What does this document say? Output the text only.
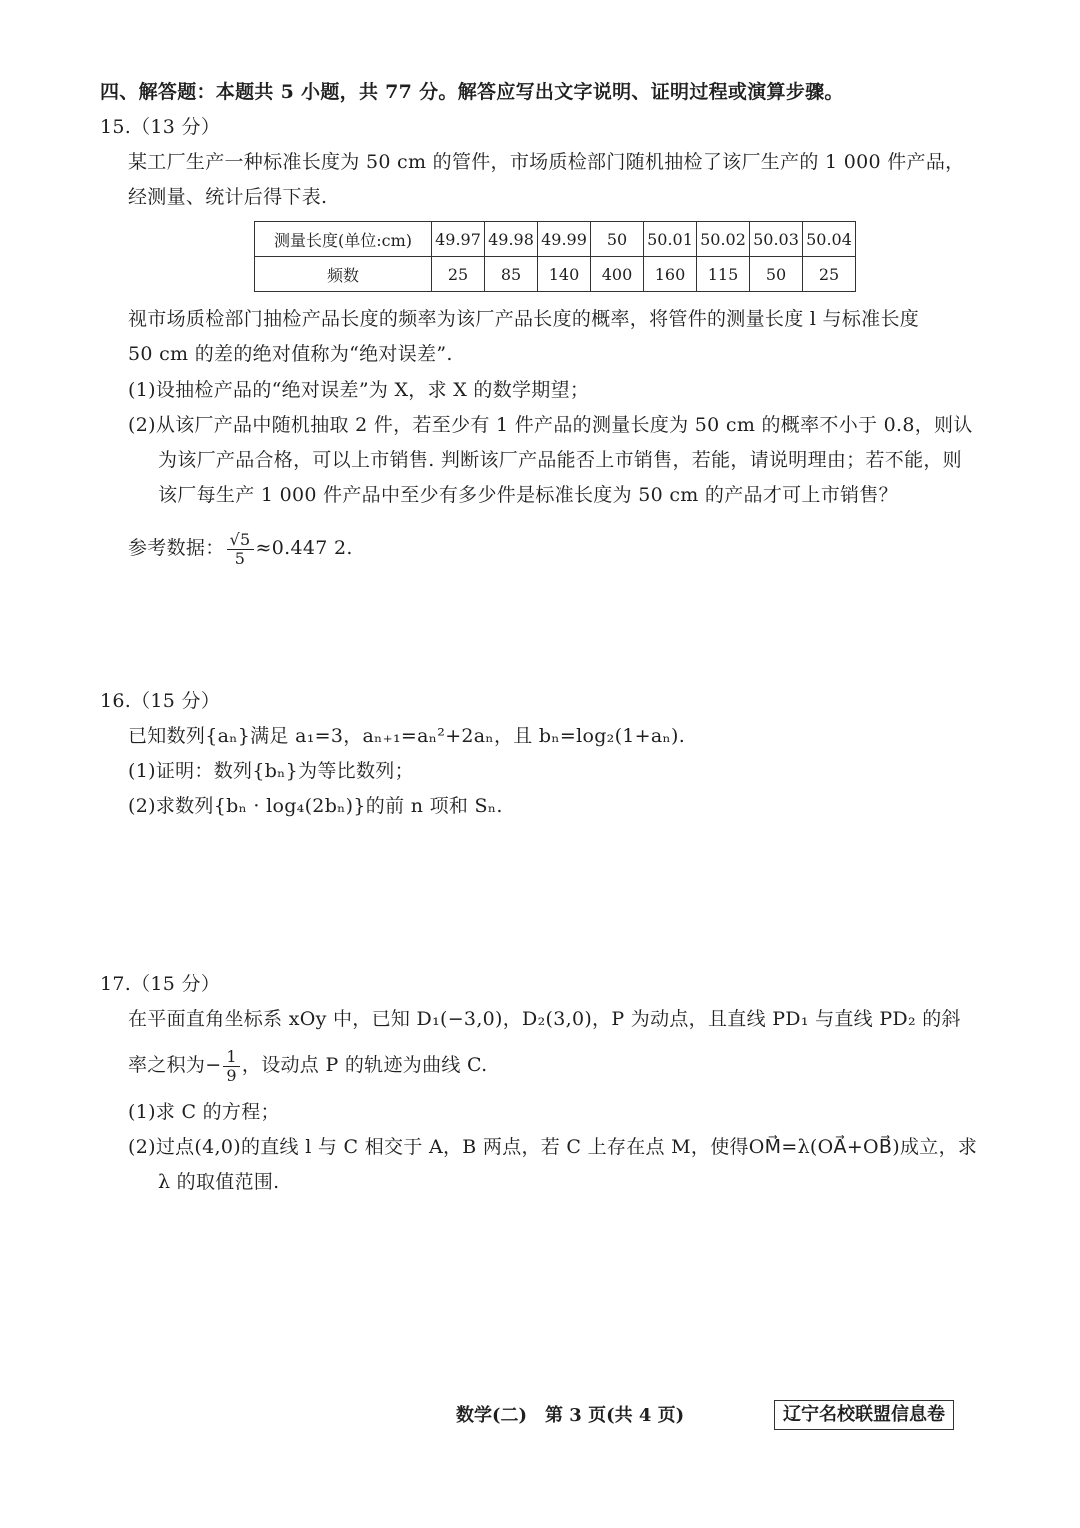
四、解答题：本题共 5 小题，共 77 分。解答应写出文字说明、证明过程或演算步骤。
15.（13 分）
某工厂生产一种标准长度为 50 cm 的管件，市场质检部门随机抽检了该厂生产的 1 000 件产品，
经测量、统计后得下表.
测量长度(单位:cm)	49.97	49.98	49.99	50	50.01	50.02	50.03	50.04
频数	25	85	140	400	160	115	50	25
视市场质检部门抽检产品长度的频率为该厂产品长度的概率，将管件的测量长度 l 与标准长度
50 cm 的差的绝对值称为“绝对误差”.
(1)设抽检产品的“绝对误差”为 X，求 X 的数学期望；
(2)从该厂产品中随机抽取 2 件，若至少有 1 件产品的测量长度为 50 cm 的概率不小于 0.8，则认
为该厂产品合格，可以上市销售. 判断该厂产品能否上市销售，若能，请说明理由；若不能，则
该厂每生产 1 000 件产品中至少有多少件是标准长度为 50 cm 的产品才可上市销售？
参考数据： $\frac{√5}{5} \approx 0.447$ 2.
16.（15 分）
已知数列{aₙ}满足 a₁=3，aₙ₊₁=aₙ²+2aₙ，且 bₙ=log₂(1+aₙ).
(1)证明：数列{bₙ}为等比数列；
(2)求数列{bₙ · log₄(2bₙ)}的前 n 项和 Sₙ.
17.（15 分）
在平面直角坐标系 xOy 中，已知 D₁(−3,0)，D₂(3,0)，P 为动点，且直线 PD₁ 与直线 PD₂ 的斜
率之积为− $\frac{1}{9}$ ，设动点 P 的轨迹为曲线 C.
(1)求 C 的方程；
(2)过点(4,0)的直线 l 与 C 相交于 A，B 两点，若 C 上存在点 M，使得OM⃗=λ(OA⃗+OB⃗)成立，求
λ 的取值范围.
数学(二)　第 3 页(共 4 页)	辽宁名校联盟信息卷
